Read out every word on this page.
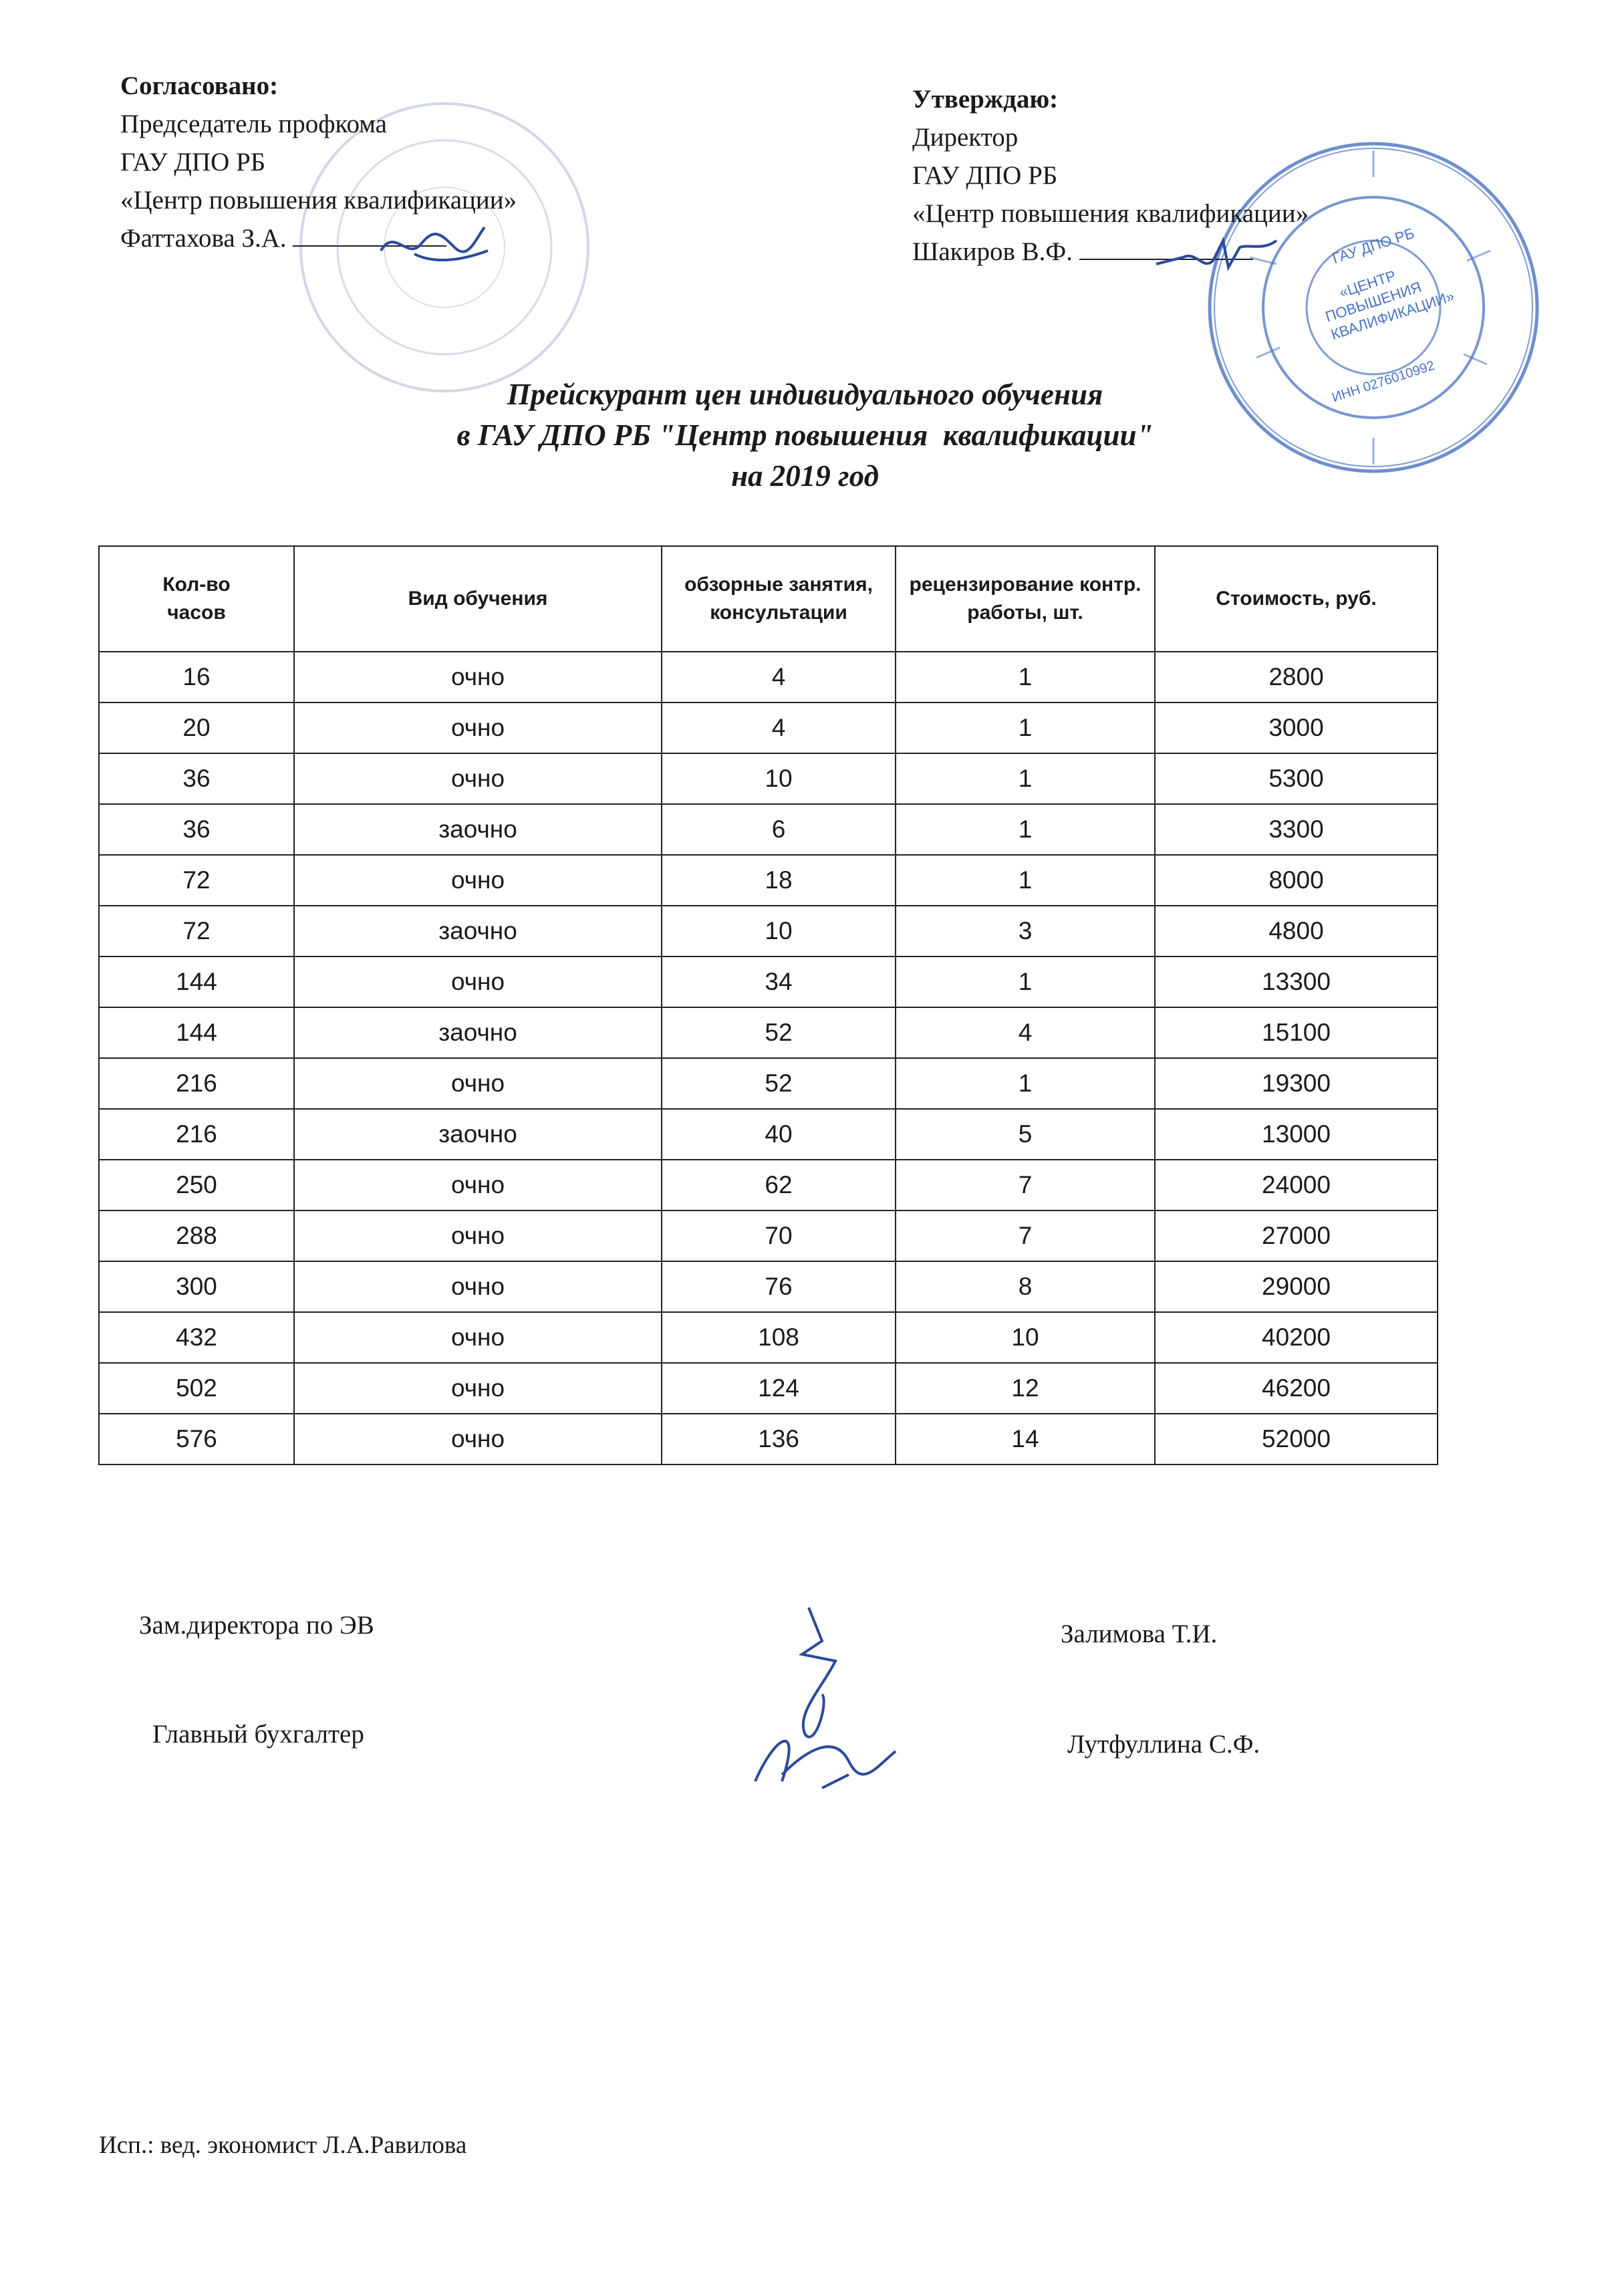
ГАУ ДПО РБ
«ЦЕНТР ПОВЫШЕНИЯ КВАЛИФИКАЦИИ»
ИНН 0276010992
Согласовано:
Председатель профкома
ГАУ ДПО РБ
«Центр повышения квалификации»
Фаттахова З.А.
Утверждаю:
Директор
ГАУ ДПО РБ
«Центр повышения квалификации»
Шакиров В.Ф.
Прейскурант цен индивидуального обучения
в ГАУ ДПО РБ "Центр повышения  квалификации"
на 2019 год
Кол-во часов	Вид обучения	обзорные занятия, консультации	рецензирование контр. работы, шт.	Стоимость, руб.
16	очно	4	1	2800
20	очно	4	1	3000
36	очно	10	1	5300
36	заочно	6	1	3300
72	очно	18	1	8000
72	заочно	10	3	4800
144	очно	34	1	13300
144	заочно	52	4	15100
216	очно	52	1	19300
216	заочно	40	5	13000
250	очно	62	7	24000
288	очно	70	7	27000
300	очно	76	8	29000
432	очно	108	10	40200
502	очно	124	12	46200
576	очно	136	14	52000
Зам.директора по ЭВ	Залимова Т.И.
Главный бухгалтер	Лутфуллина С.Ф.
Исп.: вед. экономист Л.А.Равилова
